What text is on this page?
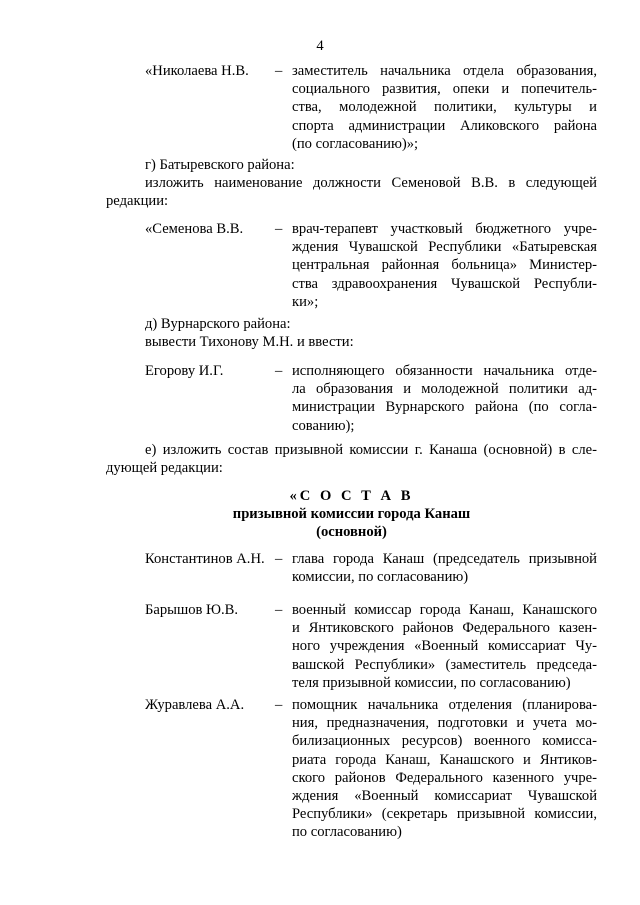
4
«Николаева Н.В. – заместитель начальника отдела образования,
социального развития, опеки и попечитель-
ства, молодежной политики, культуры и
спорта администрации Аликовского района
(по согласованию)»;
г) Батыревского района:
изложить наименование должности Семеновой В.В. в следующей
редакции:
«Семенова В.В. – врач-терапевт участковый бюджетного учре-
ждения Чувашской Республики «Батыревская
центральная районная больница» Министер-
ства здравоохранения Чувашской Республи-
ки»;
д) Вурнарского района:
вывести Тихонову М.Н. и ввести:
Егорову И.Г.	– исполняющего обязанности начальника отде-
ла образования и молодежной политики ад-
министрации Вурнарского района (по согла-
сованию);
е) изложить состав призывной комиссии г. Канаша (основной) в сле-
дующей редакции:
«С О С Т А В
призывной комиссии города Канаш
(основной)
Константинов А.Н. – глава города Канаш (председатель призывной
комиссии, по согласованию)
Барышов Ю.В.	– военный комиссар города Канаш, Канашского
и Янтиковского районов Федерального казен-
ного учреждения «Военный комиссариат Чу-
вашской Республики» (заместитель председа-
теля призывной комиссии, по согласованию)
Журавлева А.А. – помощник начальника отделения (планирова-
ния, предназначения, подготовки и учета мо-
билизационных ресурсов) военного комисса-
риата города Канаш, Канашского и Янтиков-
ского районов Федерального казенного учре-
ждения «Военный комиссариат Чувашской
Республики» (секретарь призывной комиссии,
по согласованию)
